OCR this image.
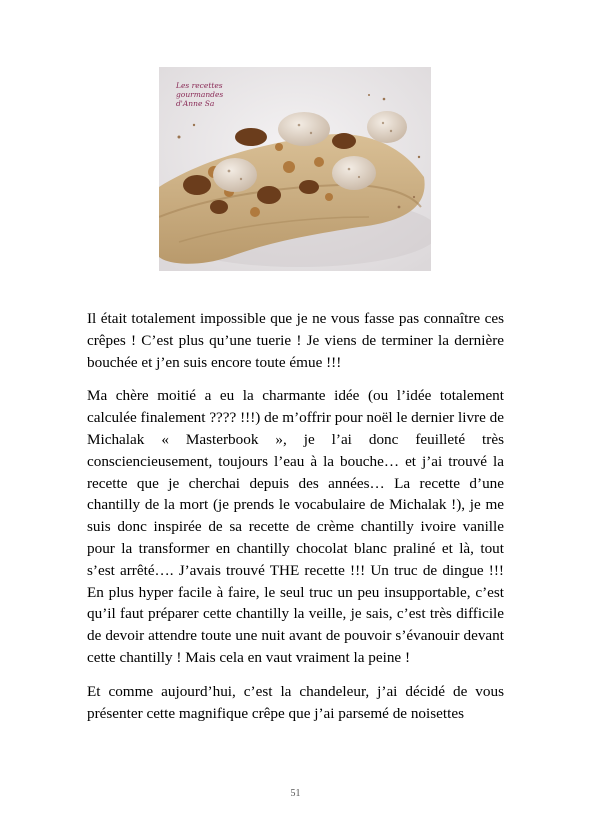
Les recettes
gourmandes
d'Anne Sa

Il était totalement impossible que je ne vous fasse pas connaître ces crêpes ! C’est plus qu’une tuerie ! Je viens de terminer la dernière bouchée et j’en suis encore toute émue !!!

Ma chère moitié a eu la charmante idée (ou l’idée totalement calculée finalement ???? !!!) de m’offrir pour noël le dernier livre de Michalak « Masterbook », je l’ai donc feuilleté très consciencieusement, toujours l’eau à la bouche… et j’ai trouvé la recette que je cherchai depuis des années… La recette d’une chantilly de la mort (je prends le vocabulaire de Michalak !), je me suis donc inspirée de sa recette de crème chantilly ivoire vanille pour la transformer en chantilly chocolat blanc praliné et là, tout s’est arrêté…. J’avais trouvé THE recette !!! Un truc de dingue !!! En plus hyper facile à faire, le seul truc un peu insupportable, c’est qu’il faut préparer cette chantilly la veille, je sais, c’est très difficile de devoir attendre toute une nuit avant de pouvoir s’évanouir devant cette chantilly ! Mais cela en vaut vraiment la peine !

Et comme aujourd’hui, c’est la chandeleur, j’ai décidé de vous présenter cette magnifique crêpe que j’ai parsemé de noisettes

51
